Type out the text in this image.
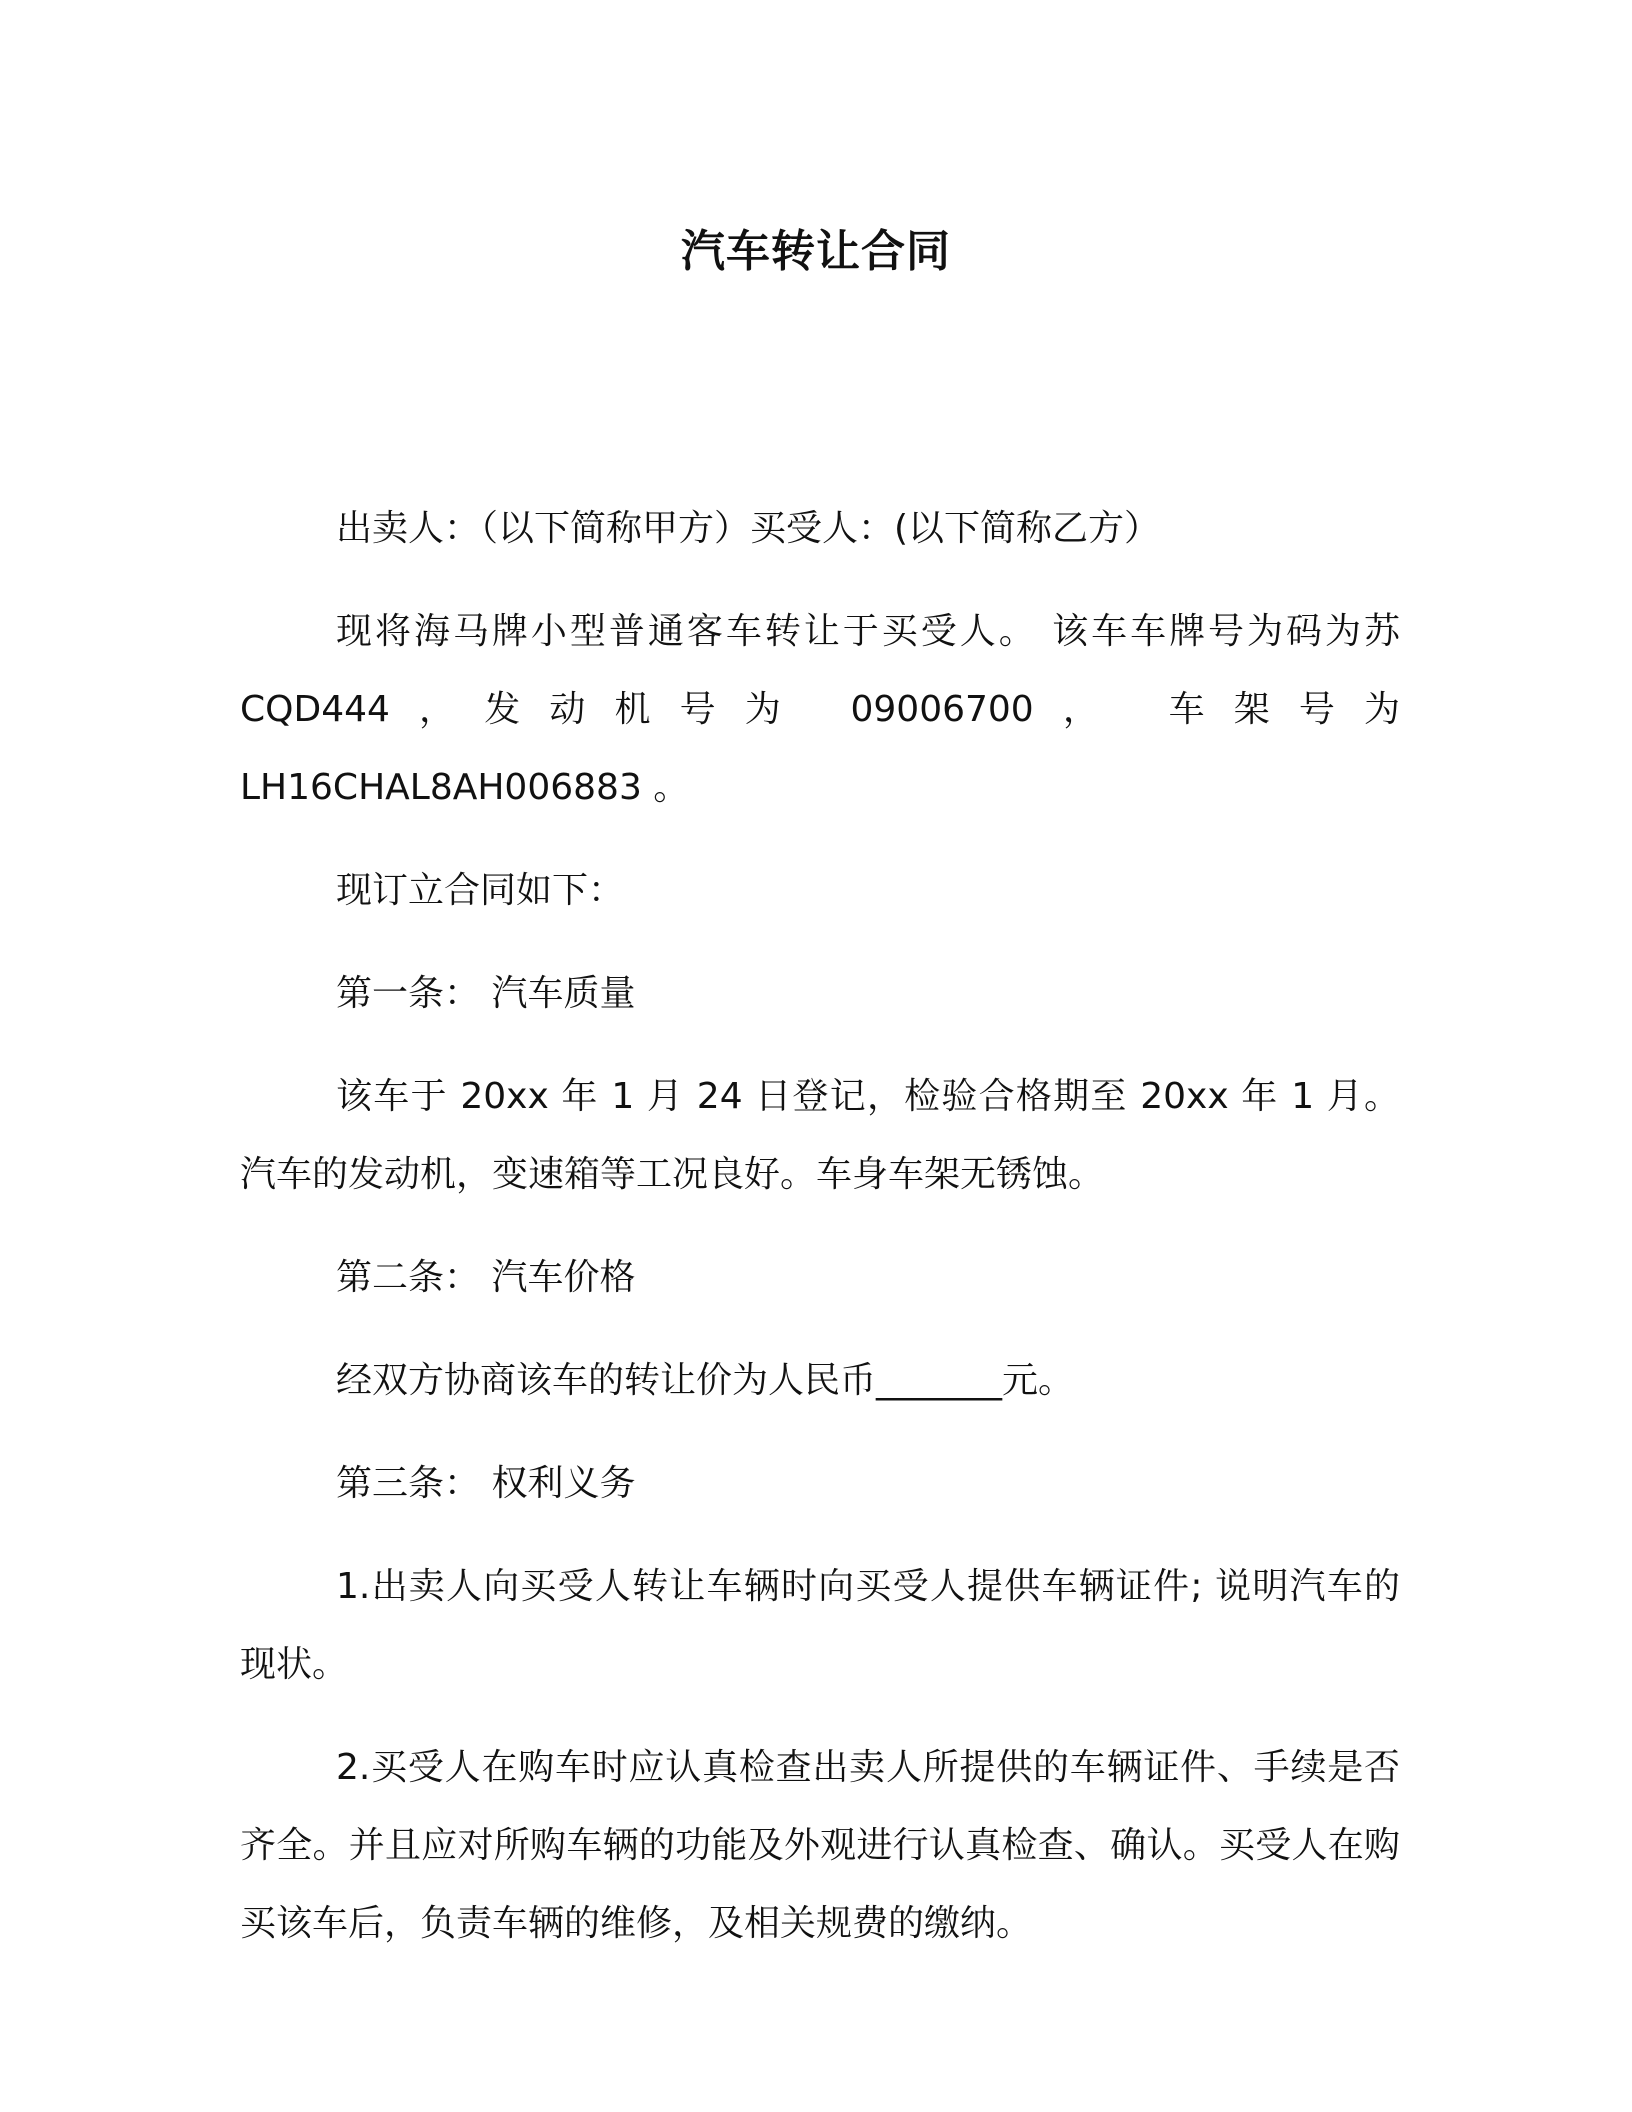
汽车转让合同

出卖人：（以下简称甲方）买受人：(以下简称乙方）

现将海马牌小型普通客车转让于买受人。 该车车牌号为码为苏 CQD444，发动机号为 09006700， 车架号为 LH16CHAL8AH006883 。

现订立合同如下：

第一条： 汽车质量

该车于 20xx 年 1 月 24 日登记，检验合格期至 20xx 年 1 月。汽车的发动机，变速箱等工况良好。车身车架无锈蚀。

第二条： 汽车价格

经双方协商该车的转让价为人民币_______元。

第三条： 权利义务

1.出卖人向买受人转让车辆时向买受人提供车辆证件; 说明汽车的现状。

2.买受人在购车时应认真检查出卖人所提供的车辆证件、手续是否齐全。并且应对所购车辆的功能及外观进行认真检查、确认。买受人在购买该车后，负责车辆的维修，及相关规费的缴纳。
